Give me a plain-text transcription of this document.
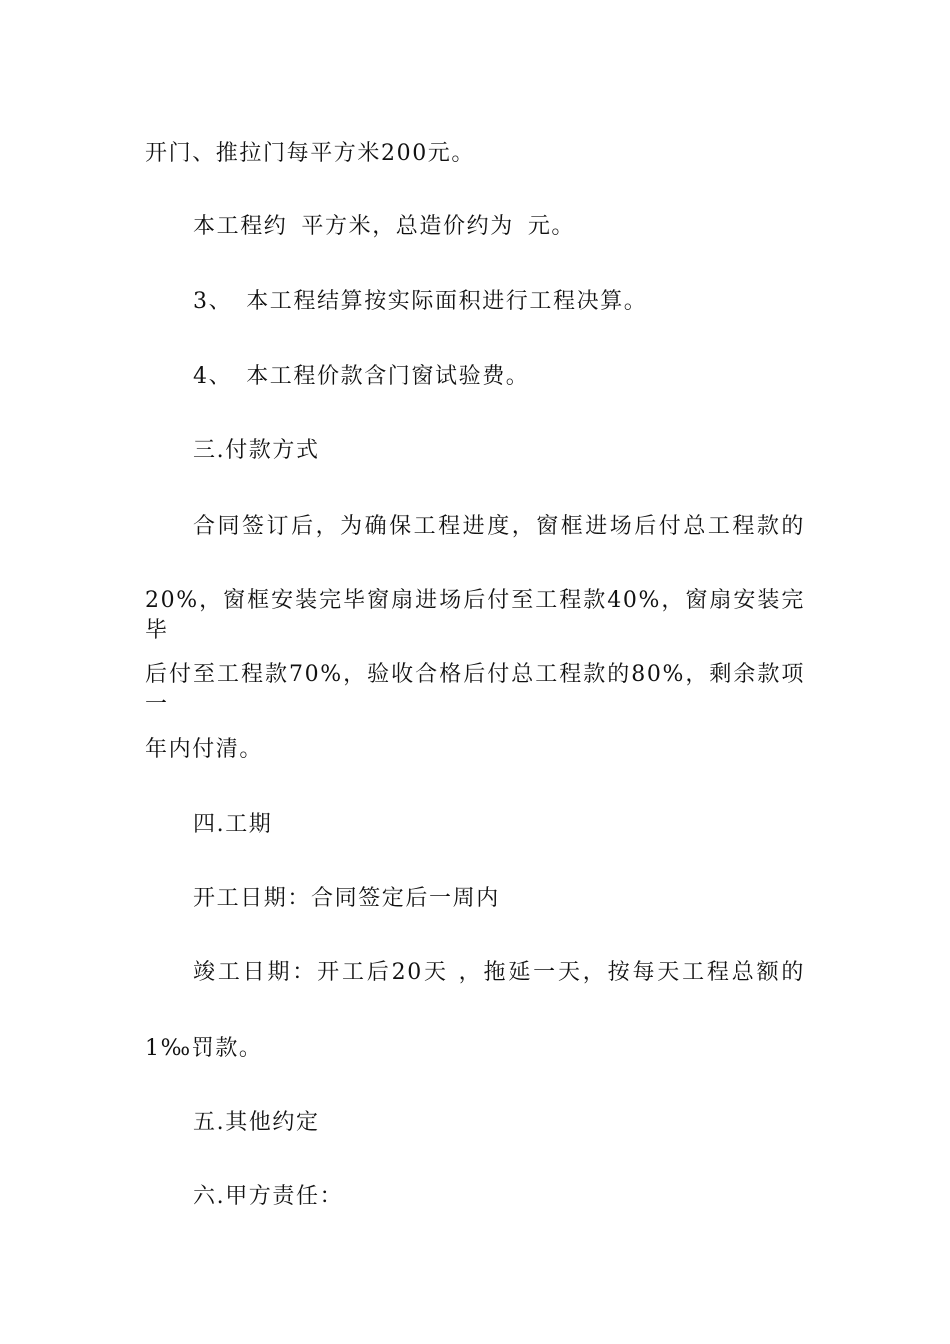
开门、推拉门每平方米200元。
本工程约 平方米，总造价约为 元。
3、 本工程结算按实际面积进行工程决算。
4、 本工程价款含门窗试验费。
三.付款方式
合同签订后，为确保工程进度，窗框进场后付总工程款的
20%，窗框安装完毕窗扇进场后付至工程款40%，窗扇安装完毕
后付至工程款70%，验收合格后付总工程款的80%，剩余款项一
年内付清。
四.工期
开工日期：合同签定后一周内
竣工日期：开工后20天 ，拖延一天，按每天工程总额的
1‰罚款。
五.其他约定
六.甲方责任：
